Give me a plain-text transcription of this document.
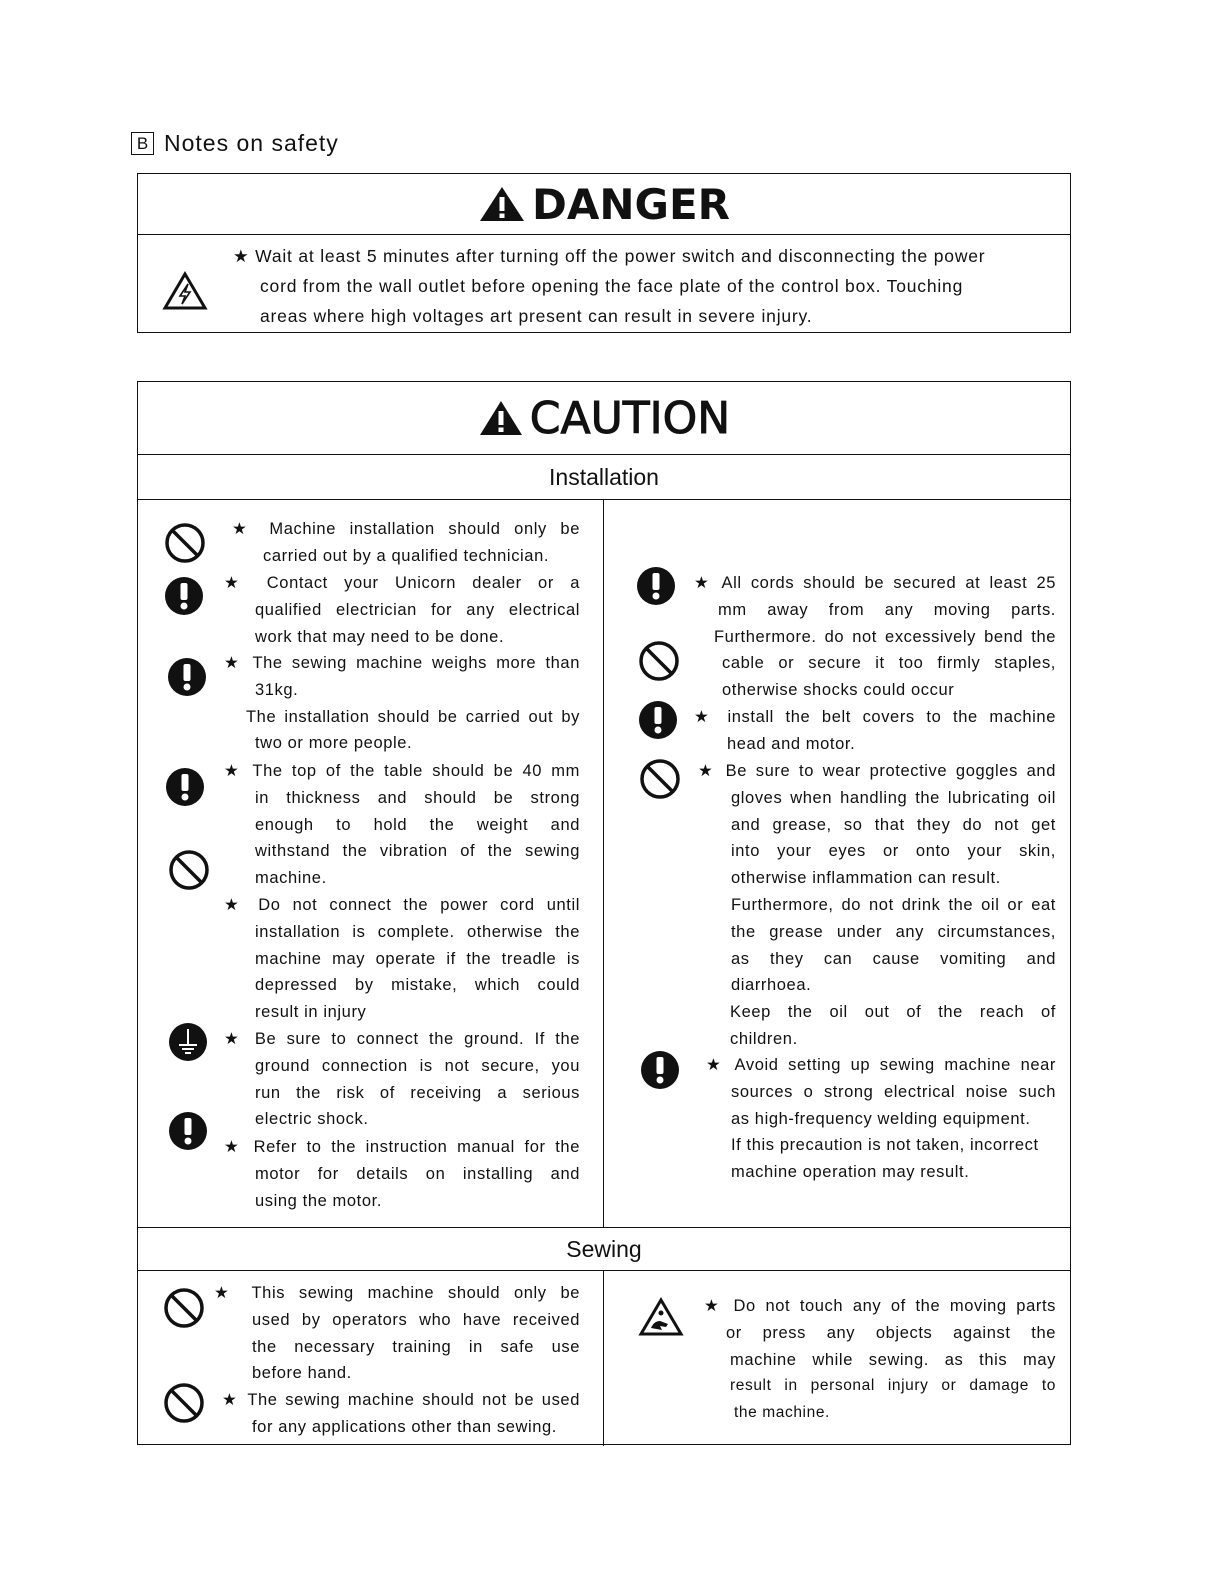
B Notes on safety
DANGER
★ Wait at least 5 minutes after turning off the power switch and disconnecting the power
cord from the wall outlet before opening the face plate of the control box. Touching
areas where high voltages art present can result in severe injury.
CAUTION
Installation
★ Machine installation should only be
carried out by a qualified technician.
★ Contact your Unicorn dealer or a
qualified electrician for any electrical
work that may need to be done.
★ The sewing machine weighs more than
31kg.
The installation should be carried out by
two or more people.
★ The top of the table should be 40 mm
in thickness and should be strong
enough to hold the weight and
withstand the vibration of the sewing
machine.
★ Do not connect the power cord until
installation is complete. otherwise the
machine may operate if the treadle is
depressed by mistake, which could
result in injury
★ Be sure to connect the ground. If the
ground connection is not secure, you
run the risk of receiving a serious
electric shock.
★ Refer to the instruction manual for the
motor for details on installing and
using the motor.
★ All cords should be secured at least 25
mm away from any moving parts.
Furthermore. do not excessively bend the
cable or secure it too firmly staples,
otherwise shocks could occur
★ install the belt covers to the machine
head and motor.
★ Be sure to wear protective goggles and
gloves when handling the lubricating oil
and grease, so that they do not get
into your eyes or onto your skin,
otherwise inflammation can result.
Furthermore, do not drink the oil or eat
the grease under any circumstances,
as they can cause vomiting and
diarrhoea.
Keep the oil out of the reach of
children.
★ Avoid setting up sewing machine near
sources o strong electrical noise such
as high-frequency welding equipment.
If this precaution is not taken, incorrect
machine operation may result.
Sewing
★ This sewing machine should only be
used by operators who have received
the necessary training in safe use
before hand.
★ The sewing machine should not be used
for any applications other than sewing.
★ Do not touch any of the moving parts
or press any objects against the
machine while sewing. as this may
result in personal injury or damage to
the machine.
